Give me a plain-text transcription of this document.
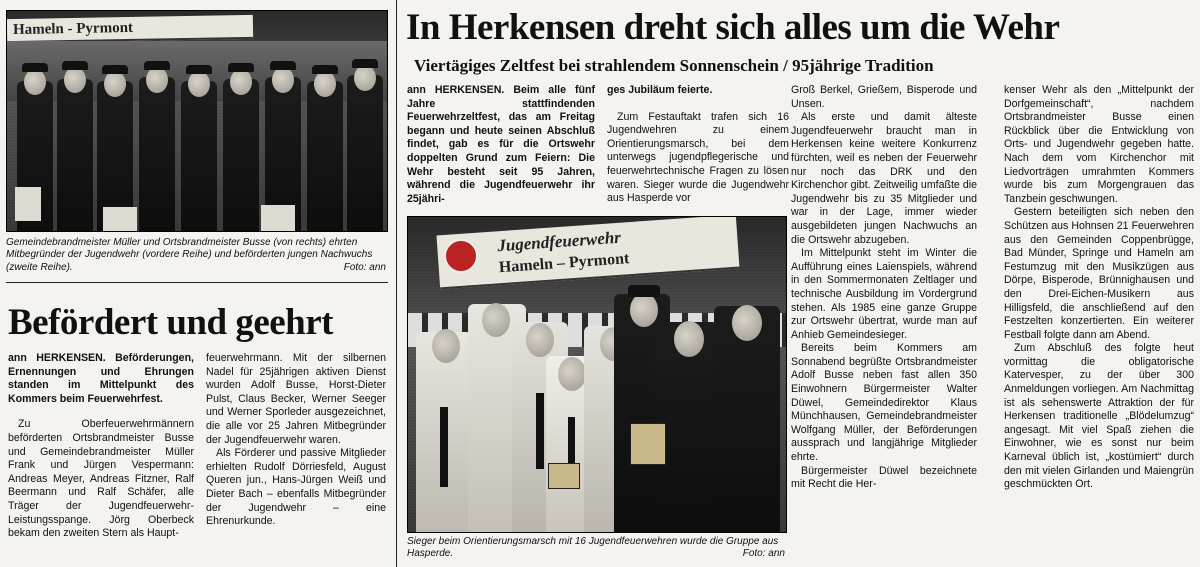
Hameln - Pyrmont
Gemeindebrandmeister Müller und Ortsbrandmeister Busse (von rechts) ehrten Mitbegründer der Jugendwehr (vordere Reihe) und beförderten jungen Nachwuchs (zweite Reihe).	Foto: ann
Befördert und geehrt

ann HERKENSEN. Beförderungen, Ernennungen und Ehrungen standen im Mittelpunkt des Kommers beim Feuerwehrfest.

Zu Oberfeuerwehrmännern beförderten Ortsbrandmeister Busse und Gemeindebrandmeister Müller Frank und Jürgen Vespermann: Andreas Meyer, Andreas Fitzner, Ralf Beermann und Ralf Schäfer, alle Träger der Jugendfeuerwehr-Leistungsspange. Jörg Oberbeck bekam den zweiten Stern als Haupt-

feuerwehrmann. Mit der silbernen Nadel für 25jährigen aktiven Dienst wurden Adolf Busse, Horst-Dieter Pulst, Claus Becker, Werner Seeger und Werner Sporleder ausgezeichnet, die alle vor 25 Jahren Mitbegründer der Jugendfeuerwehr waren.

Als Förderer und passive Mitglieder erhielten Rudolf Dörriesfeld, August Queren jun., Hans-Jürgen Weiß und Dieter Bach – ebenfalls Mitbegründer der Jugendwehr – eine Ehrenurkunde.

In Herkensen dreht sich alles um die Wehr
Viertägiges Zeltfest bei strahlendem Sonnenschein / 95jährige Tradition

ann HERKENSEN. Beim alle fünf Jahre stattfindenden Feuerwehrzeltfest, das am Freitag begann und heute seinen Abschluß findet, gab es für die Ortswehr doppelten Grund zum Feiern: Die Wehr besteht seit 95 Jahren, während die Jugendfeuerwehr ihr 25jähri-

ges Jubiläum feierte.

Zum Festauftakt trafen sich 16 Jugendwehren zu einem Orientierungsmarsch, bei dem unterwegs jugendpflegerische und feuerwehrtechnische Fragen zu lösen waren. Sieger wurde die Jugendwehr aus Hasperde vor

Jugendfeuerwehr
Hameln – Pyrmont
Sieger beim Orientierungsmarsch mit 16 Jugendfeuerwehren wurde die Gruppe aus Hasperde.	Foto: ann

Groß Berkel, Grießem, Bisperode und Unsen.

Als erste und damit älteste Jugendfeuerwehr braucht man in Herkensen keine weitere Konkurrenz fürchten, weil es neben der Feuerwehr nur noch das DRK und den Kirchenchor gibt. Zeitweilig umfaßte die Jugendwehr bis zu 35 Mitglieder und war in der Lage, immer wieder ausgebildeten jungen Nachwuchs an die Ortswehr abzugeben.

Im Mittelpunkt steht im Winter die Aufführung eines Laienspiels, während in den Sommermonaten Zeltlager und technische Ausbildung im Vordergrund stehen. Als 1985 eine ganze Gruppe zur Ortswehr übertrat, wurde man auf Anhieb Gemeindesieger.

Bereits beim Kommers am Sonnabend begrüßte Ortsbrandmeister Adolf Busse neben fast allen 350 Einwohnern Bürgermeister Walter Düwel, Gemeindedirektor Klaus Münchhausen, Gemeindebrandmeister Wolfgang Müller, der Beförderungen aussprach und langjährige Mitglieder ehrte.

Bürgermeister Düwel bezeichnete mit Recht die Her-

kenser Wehr als den „Mittelpunkt der Dorfgemeinschaft“, nachdem Ortsbrandmeister Busse einen Rückblick über die Entwicklung von Orts- und Jugendwehr gegeben hatte. Nach dem vom Kirchenchor mit Liedvorträgen umrahmten Kommers wurde bis zum Morgengrauen das Tanzbein geschwungen.

Gestern beteiligten sich neben den Schützen aus Hohnsen 21 Feuerwehren aus den Gemeinden Coppenbrügge, Bad Münder, Springe und Hameln am Festumzug mit den Musikzügen aus Dörpe, Bisperode, Brünnighausen und den Drei-Eichen-Musikern aus Hilligsfeld, die anschließend auf den Festzelten konzertierten. Ein weiterer Festball folgte dann am Abend.

Zum Abschluß des folgte heut vormittag die obligatorische Katervesper, zu der über 300 Anmeldungen vorliegen. Am Nachmittag ist als sehenswerte Attraktion der für Herkensen traditionelle „Blödelumzug“ angesagt. Mit viel Spaß ziehen die Einwohner, wie es sonst nur beim Karneval üblich ist, „kostümiert“ durch den mit vielen Girlanden und Maiengrün geschmückten Ort.
